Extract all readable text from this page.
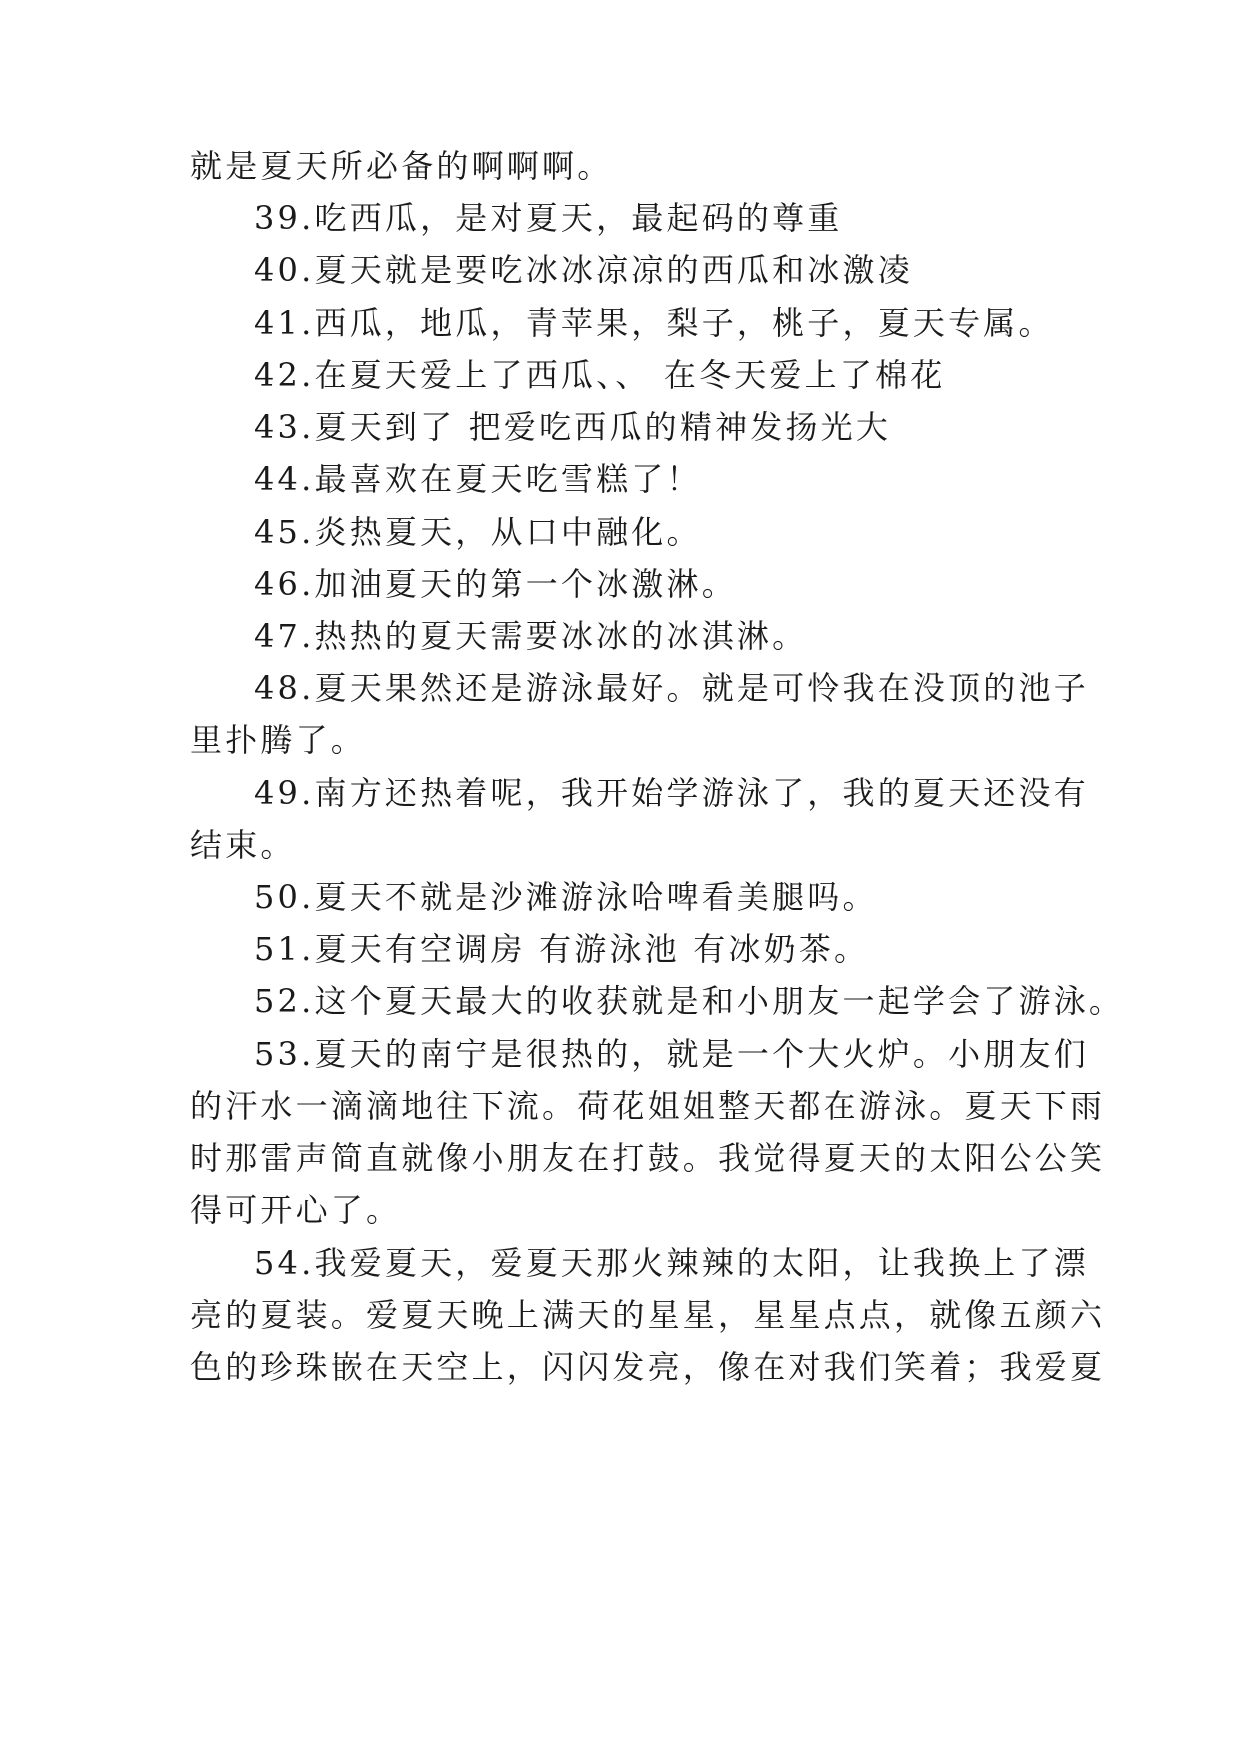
就是夏天所必备的啊啊啊。
39.吃西瓜，是对夏天，最起码的尊重
40.夏天就是要吃冰冰凉凉的西瓜和冰激凌
41.西瓜，地瓜，青苹果，梨子，桃子，夏天专属。
42.在夏天爱上了西瓜、、 在冬天爱上了棉花
43.夏天到了 把爱吃西瓜的精神发扬光大
44.最喜欢在夏天吃雪糕了！
45.炎热夏天，从口中融化。
46.加油夏天的第一个冰激淋。
47.热热的夏天需要冰冰的冰淇淋。
48.夏天果然还是游泳最好。就是可怜我在没顶的池子
里扑腾了。
49.南方还热着呢，我开始学游泳了，我的夏天还没有
结束。
50.夏天不就是沙滩游泳哈啤看美腿吗。
51.夏天有空调房 有游泳池 有冰奶茶。
52.这个夏天最大的收获就是和小朋友一起学会了游泳。
53.夏天的南宁是很热的，就是一个大火炉。小朋友们
的汗水一滴滴地往下流。荷花姐姐整天都在游泳。夏天下雨
时那雷声简直就像小朋友在打鼓。我觉得夏天的太阳公公笑
得可开心了。
54.我爱夏天，爱夏天那火辣辣的太阳，让我换上了漂
亮的夏装。爱夏天晚上满天的星星，星星点点，就像五颜六
色的珍珠嵌在天空上，闪闪发亮，像在对我们笑着；我爱夏
